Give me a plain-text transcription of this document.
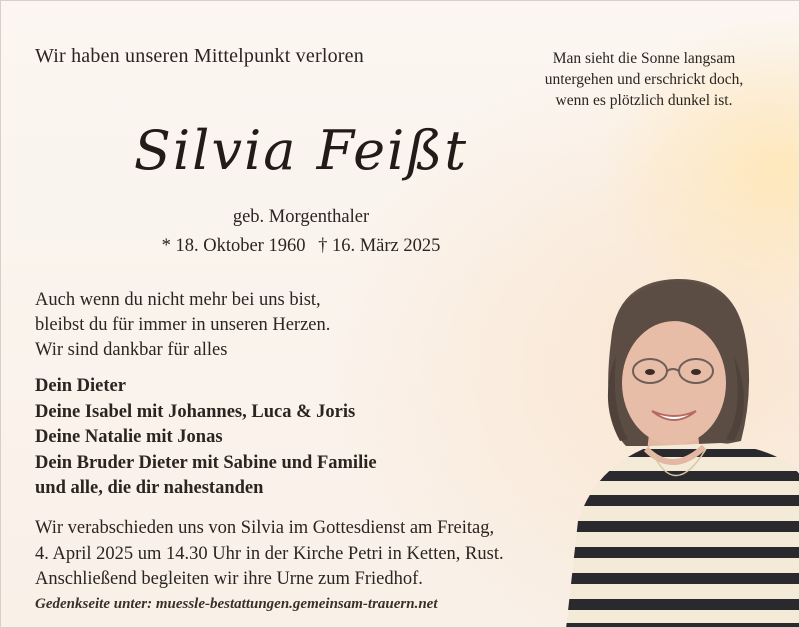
Wir haben unseren Mittelpunkt verloren	Man sieht die Sonne langsam
untergehen und erschrickt doch,
wenn es plötzlich dunkel ist.
Silvia Feißt
geb. Morgenthaler
* 18. Oktober 1960 † 16. März 2025
Auch wenn du nicht mehr bei uns bist,
bleibst du für immer in unseren Herzen.
Wir sind dankbar für alles
Dein Dieter
Deine Isabel mit Johannes, Luca & Joris
Deine Natalie mit Jonas
Dein Bruder Dieter mit Sabine und Familie
und alle, die dir nahestanden
Wir verabschieden uns von Silvia im Gottesdienst am Freitag,
4. April 2025 um 14.30 Uhr in der Kirche Petri in Ketten, Rust.
Anschließend begleiten wir ihre Urne zum Friedhof.
Gedenkseite unter: muessle-bestattungen.gemeinsam-trauern.net
